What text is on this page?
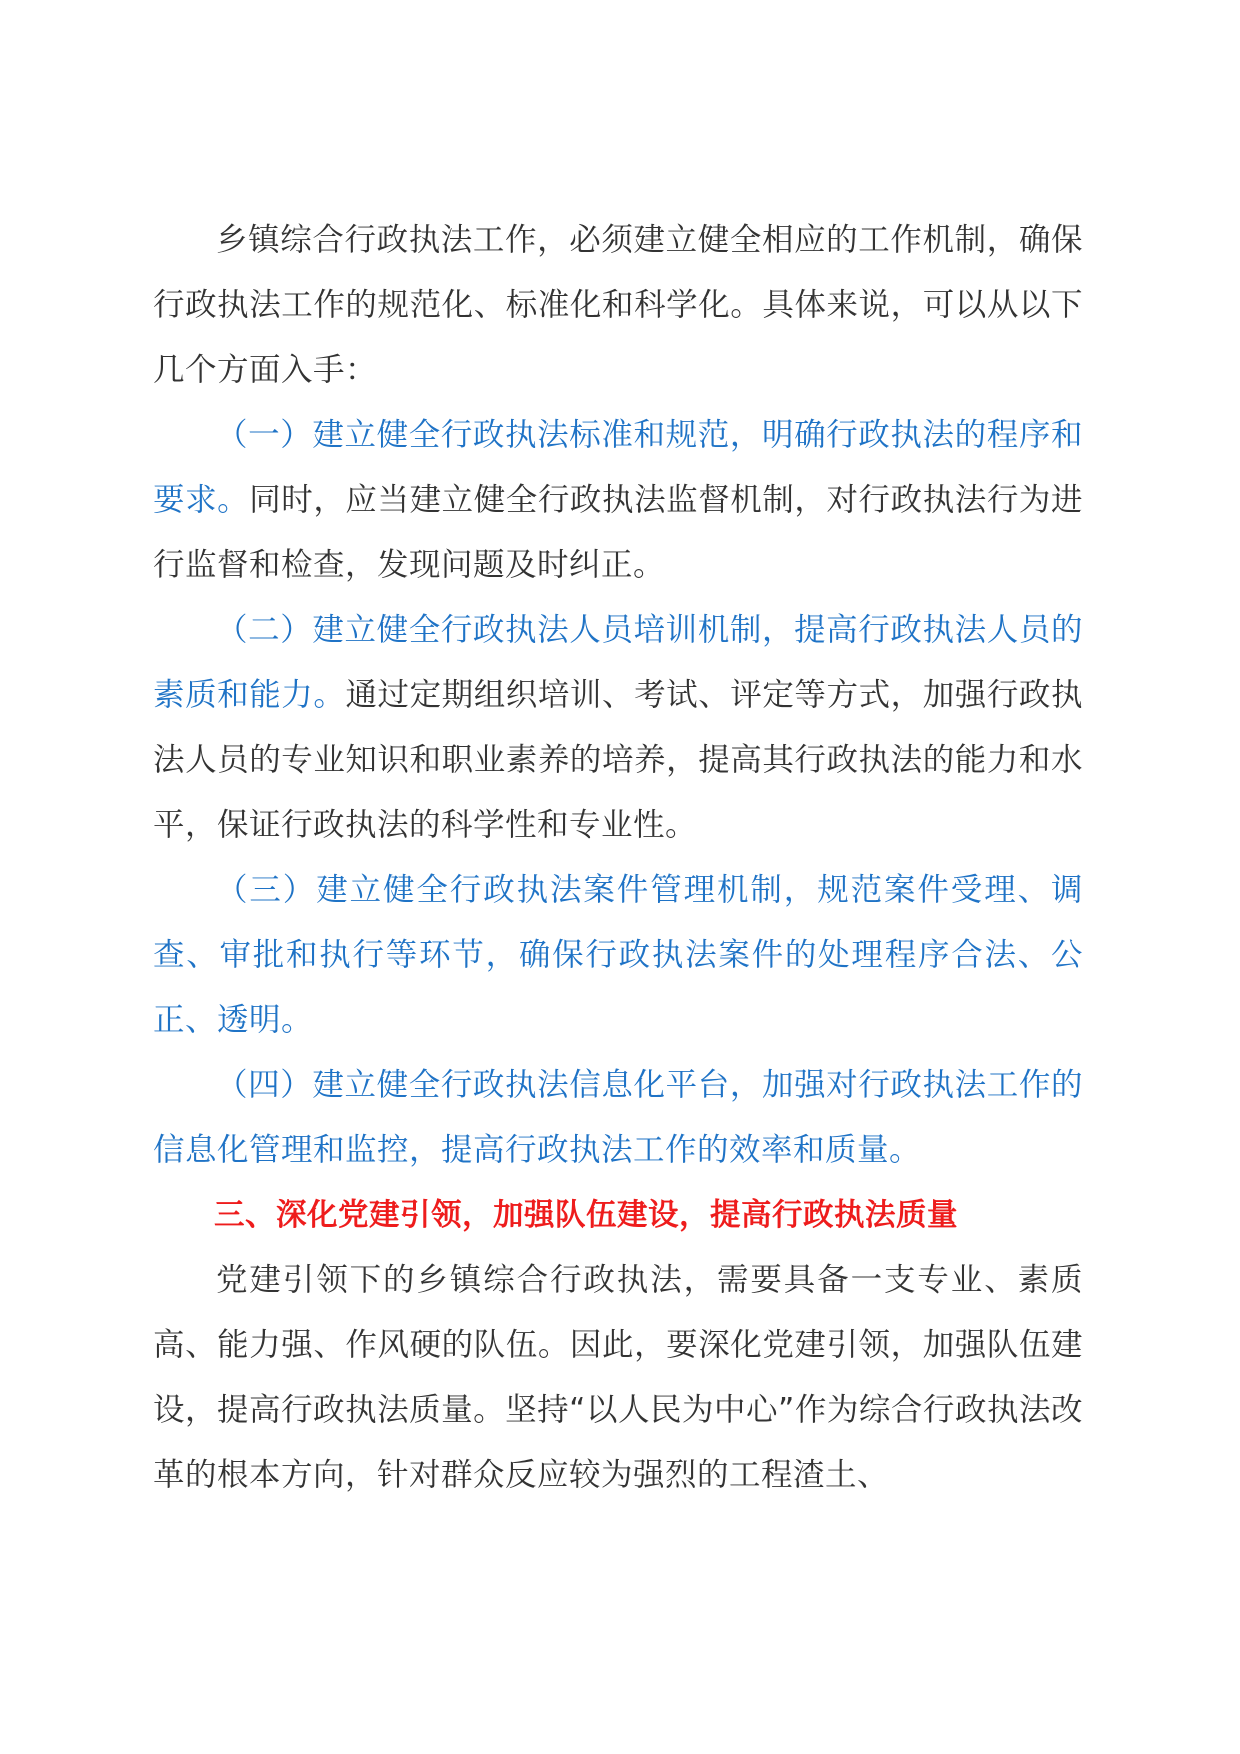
乡镇综合行政执法工作，必须建立健全相应的工作机制，确保行政执法工作的规范化、标准化和科学化。具体来说，可以从以下几个方面入手：

（一）建立健全行政执法标准和规范，明确行政执法的程序和要求。同时，应当建立健全行政执法监督机制，对行政执法行为进行监督和检查，发现问题及时纠正。

（二）建立健全行政执法人员培训机制，提高行政执法人员的素质和能力。通过定期组织培训、考试、评定等方式，加强行政执法人员的专业知识和职业素养的培养，提高其行政执法的能力和水平，保证行政执法的科学性和专业性。

（三）建立健全行政执法案件管理机制，规范案件受理、调查、审批和执行等环节，确保行政执法案件的处理程序合法、公正、透明。

（四）建立健全行政执法信息化平台，加强对行政执法工作的信息化管理和监控，提高行政执法工作的效率和质量。

三、深化党建引领，加强队伍建设，提高行政执法质量

党建引领下的乡镇综合行政执法，需要具备一支专业、素质高、能力强、作风硬的队伍。因此，要深化党建引领，加强队伍建设，提高行政执法质量。坚持“以人民为中心”作为综合行政执法改革的根本方向，针对群众反应较为强烈的工程渣土、
